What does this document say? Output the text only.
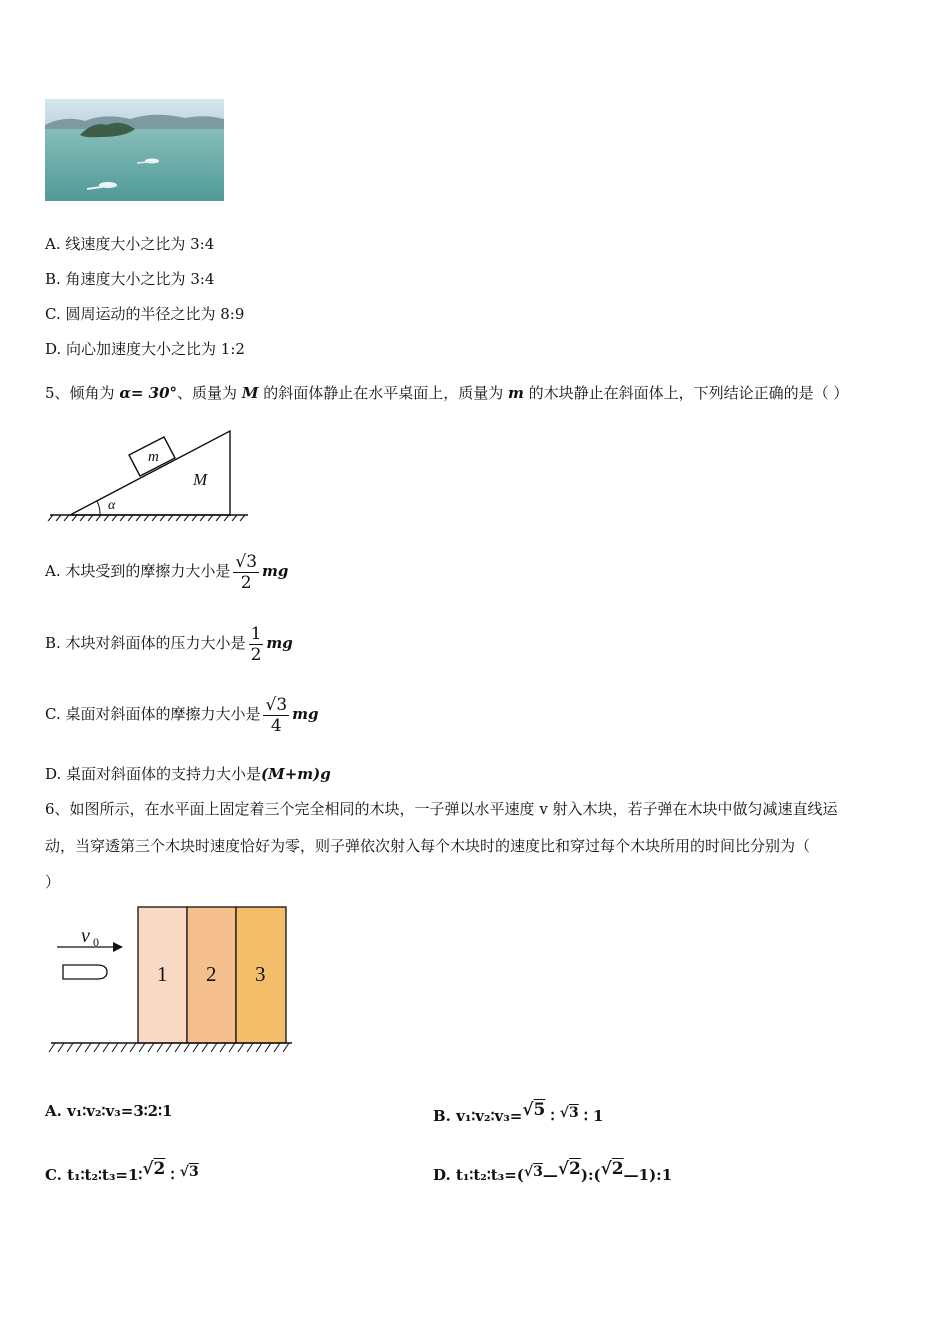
A. 线速度大小之比为 3:4
B. 角速度大小之比为 3:4
C. 圆周运动的半径之比为 8:9
D. 向心加速度大小之比为 1:2
5、倾角为 α= 30°、质量为 M 的斜面体静止在水平桌面上，质量为 m 的木块静止在斜面体上，下列结论正确的是（ ）
m
M
α
A. 木块受到的摩擦力大小是 $\frac{√3}{2}$ mg
B. 木块对斜面体的压力大小是 $\frac{1}{2}$ mg
C. 桌面对斜面体的摩擦力大小是 $\frac{√3}{4}$ mg
D. 桌面对斜面体的支持力大小是(M+m)g
6、如图所示，在水平面上固定着三个完全相同的木块，一子弹以水平速度 v 射入木块，若子弹在木块中做匀减速直线运
动，当穿透第三个木块时速度恰好为零，则子弹依次射入每个木块时的速度比和穿过每个木块所用的时间比分别为（
）
v 0
1 2 3
A. v₁∶v₂∶v₃=3∶2∶1	B. v₁∶v₂∶v₃=√5 ∶ √3 ∶ 1
C. t₁∶t₂∶t₃=1∶√2 ∶ √3	D. t₁∶t₂∶t₃=(√3—√2):(√2—1):1
